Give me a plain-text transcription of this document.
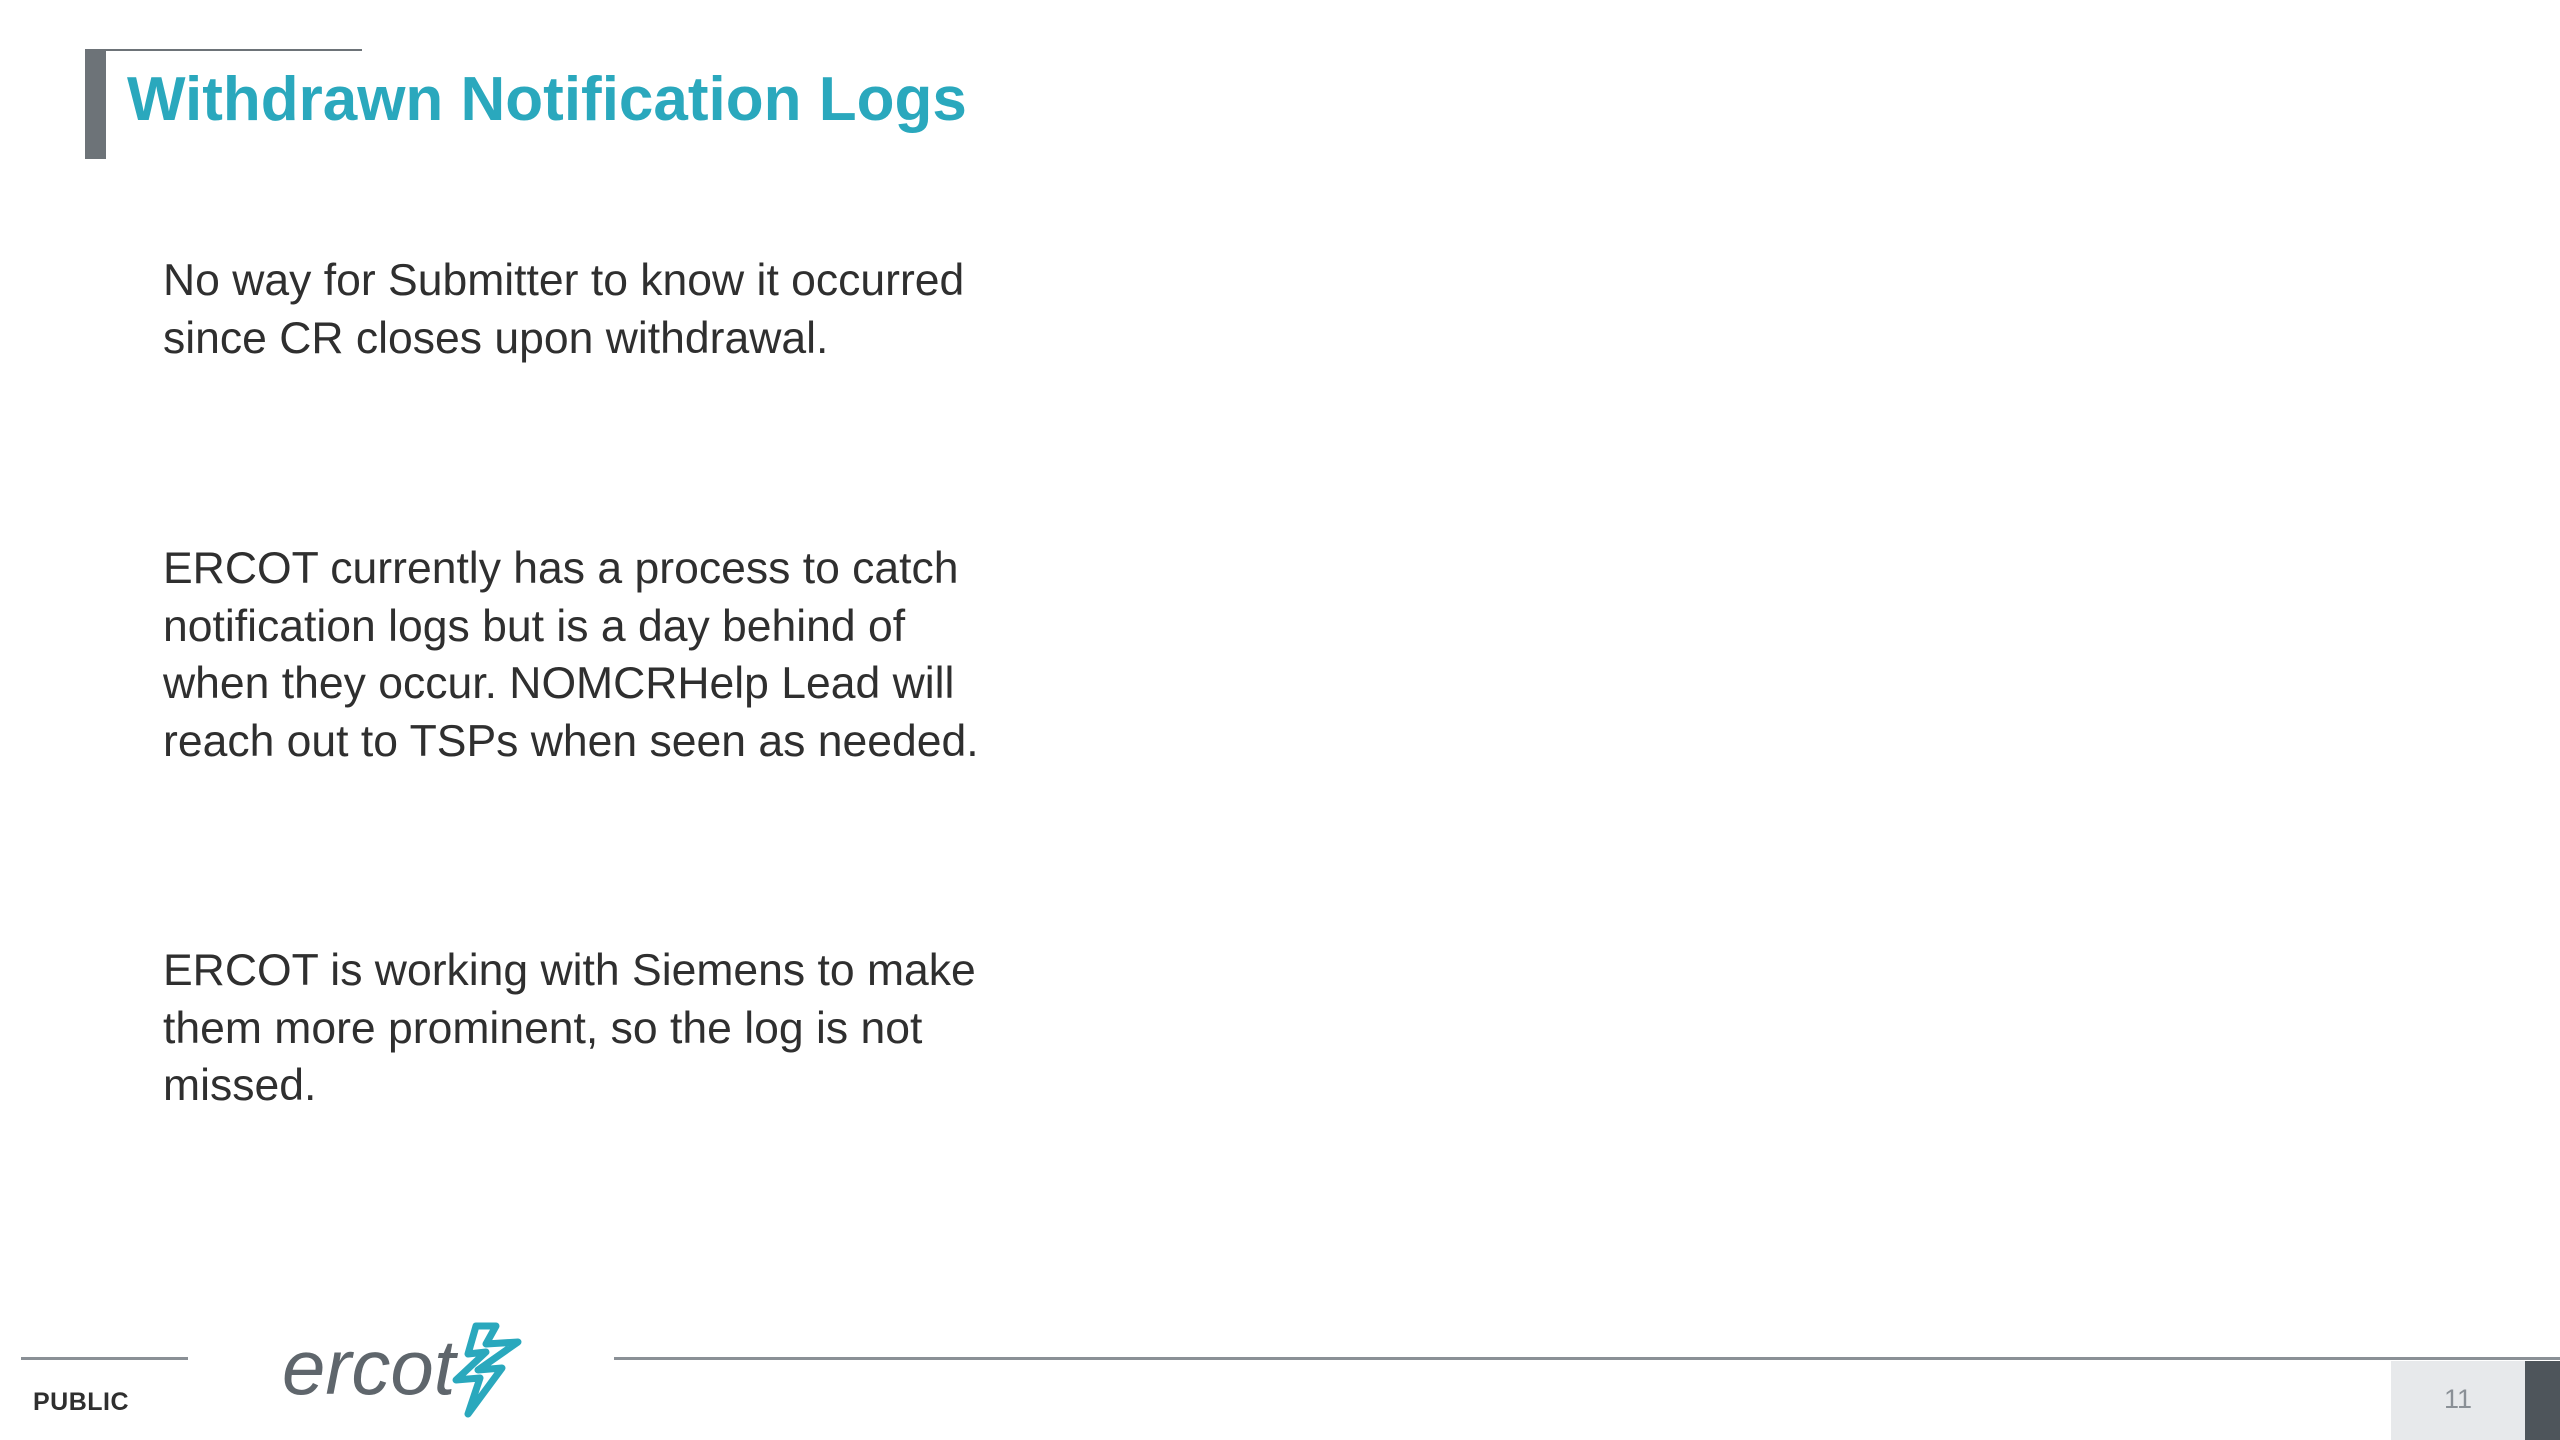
Withdrawn Notification Logs

No way for Submitter to know it occurred since CR closes upon withdrawal.

ERCOT currently has a process to catch notification logs but is a day behind of when they occur. NOMCRHelp Lead will reach out to TSPs when seen as needed.

ERCOT is working with Siemens to make them more prominent, so the log is not missed.

PUBLIC ercot	11
